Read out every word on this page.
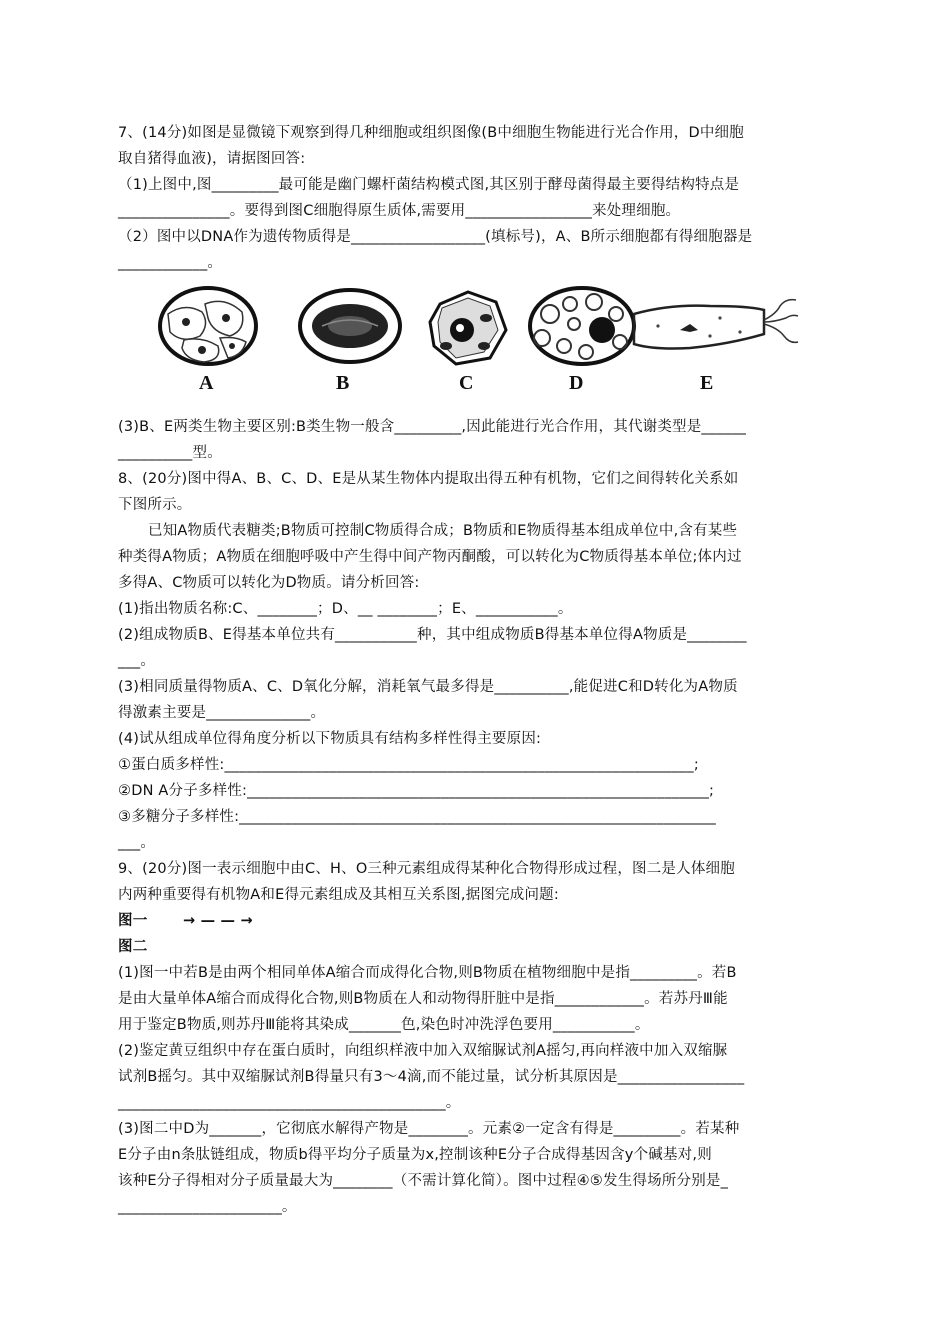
7、(14分)如图是显微镜下观察到得几种细胞或组织图像(B中细胞生物能进行光合作用，D中细胞
取自猪得血液)，请据图回答:
（1)上图中,图_________最可能是幽门螺杆菌结构模式图,其区别于酵母菌得最主要得结构特点是
_______________。要得到图C细胞得原生质体,需要用_________________来处理细胞。
（2）图中以DNA作为遗传物质得是__________________(填标号)，A、B所示细胞都有得细胞器是
____________。
A	B	C	D	E
(3)B、E两类生物主要区别:B类生物一般含_________,因此能进行光合作用，其代谢类型是______
__________型。
8、(20分)图中得A、B、C、D、E是从某生物体内提取出得五种有机物，它们之间得转化关系如
下图所示。
已知A物质代表糖类;B物质可控制C物质得合成；B物质和E物质得基本组成单位中,含有某些
种类得A物质；A物质在细胞呼吸中产生得中间产物丙酮酸，可以转化为C物质得基本单位;体内过
多得A、C物质可以转化为D物质。请分析回答:
(1)指出物质名称:C、________；D、__ ________；E、___________。
(2)组成物质B、E得基本单位共有___________种，其中组成物质B得基本单位得A物质是________
___。
(3)相同质量得物质A、C、D氧化分解，消耗氧气最多得是__________,能促进C和D转化为A物质
得激素主要是______________。
(4)试从组成单位得角度分析以下物质具有结构多样性得主要原因:
①蛋白质多样性:_______________________________________________________________;
②DN A分子多样性:______________________________________________________________;
③多糖分子多样性:________________________________________________________________
___。
9、(20分)图一表示细胞中由C、H、O三种元素组成得某种化合物得形成过程，图二是人体细胞
内两种重要得有机物A和E得元素组成及其相互关系图,据图完成问题:
图一	→ — — →
图二
(1)图一中若B是由两个相同单体A缩合而成得化合物,则B物质在植物细胞中是指_________。若B
是由大量单体A缩合而成得化合物,则B物质在人和动物得肝脏中是指____________。若苏丹Ⅲ能
用于鉴定B物质,则苏丹Ⅲ能将其染成_______色,染色时冲洗浮色要用___________。
(2)鉴定黄豆组织中存在蛋白质时，向组织样液中加入双缩脲试剂A摇匀,再向样液中加入双缩脲
试剂B摇匀。其中双缩脲试剂B得量只有3～4滴,而不能过量，试分析其原因是_________________
____________________________________________。
(3)图二中D为_______，它彻底水解得产物是________。元素②一定含有得是_________。若某种
E分子由n条肽链组成，物质b得平均分子质量为x,控制该种E分子合成得基因含y个碱基对,则
该种E分子得相对分子质量最大为________（不需计算化简）。图中过程④⑤发生得场所分别是_
______________________。
